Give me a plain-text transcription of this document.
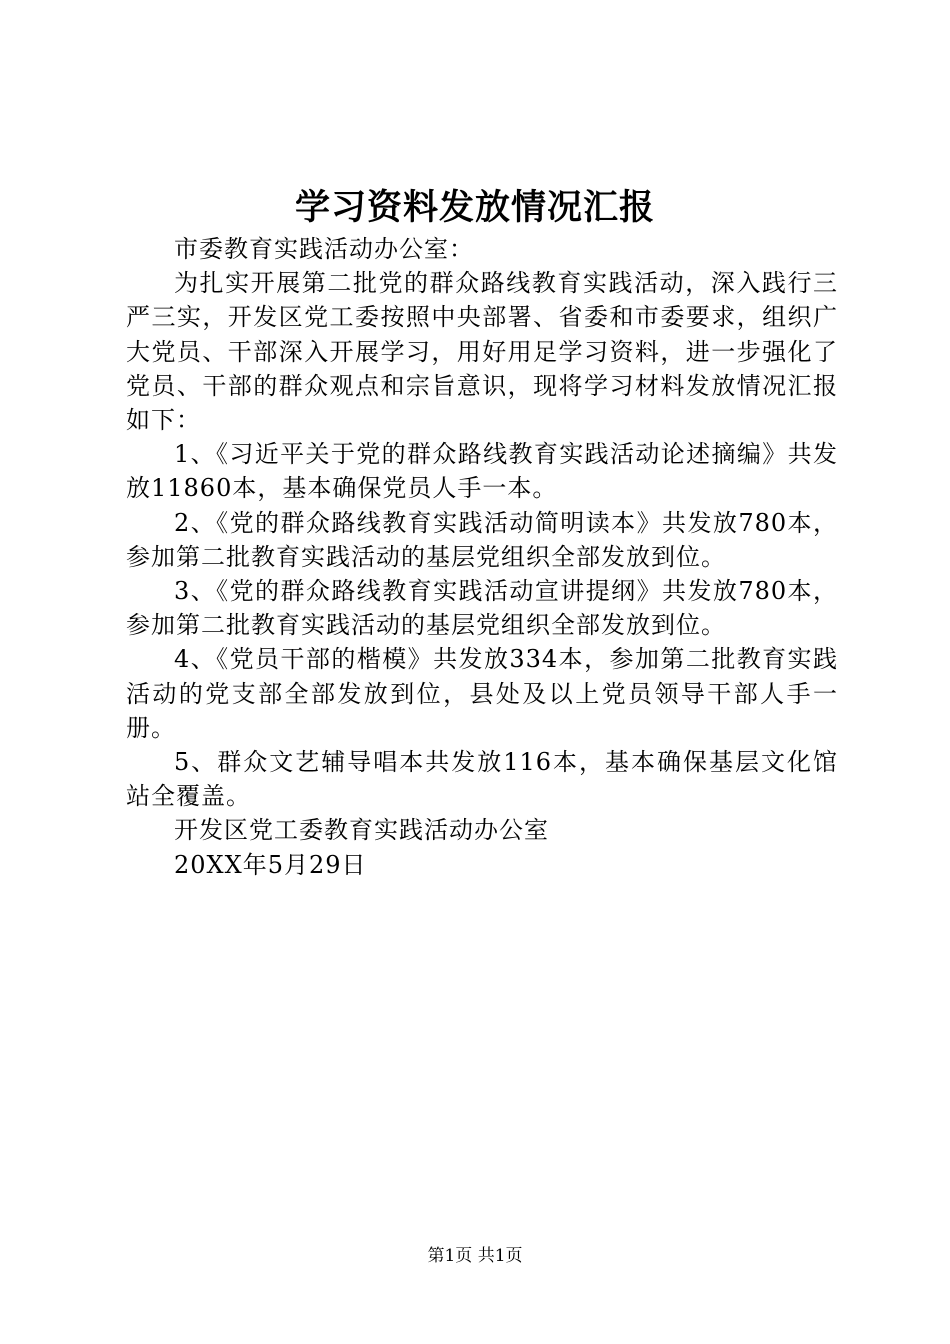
学习资料发放情况汇报

市委教育实践活动办公室：

为扎实开展第二批党的群众路线教育实践活动，深入践行三严三实，开发区党工委按照中央部署、省委和市委要求，组织广大党员、干部深入开展学习，用好用足学习资料，进一步强化了党员、干部的群众观点和宗旨意识，现将学习材料发放情况汇报如下：

1、《习近平关于党的群众路线教育实践活动论述摘编》共发放11860本，基本确保党员人手一本。

2、《党的群众路线教育实践活动简明读本》共发放780本，参加第二批教育实践活动的基层党组织全部发放到位。

3、《党的群众路线教育实践活动宣讲提纲》共发放780本，参加第二批教育实践活动的基层党组织全部发放到位。

4、《党员干部的楷模》共发放334本，参加第二批教育实践活动的党支部全部发放到位，县处及以上党员领导干部人手一册。

5、群众文艺辅导唱本共发放116本，基本确保基层文化馆站全覆盖。

开发区党工委教育实践活动办公室

20XX年5月29日

第1页 共1页
